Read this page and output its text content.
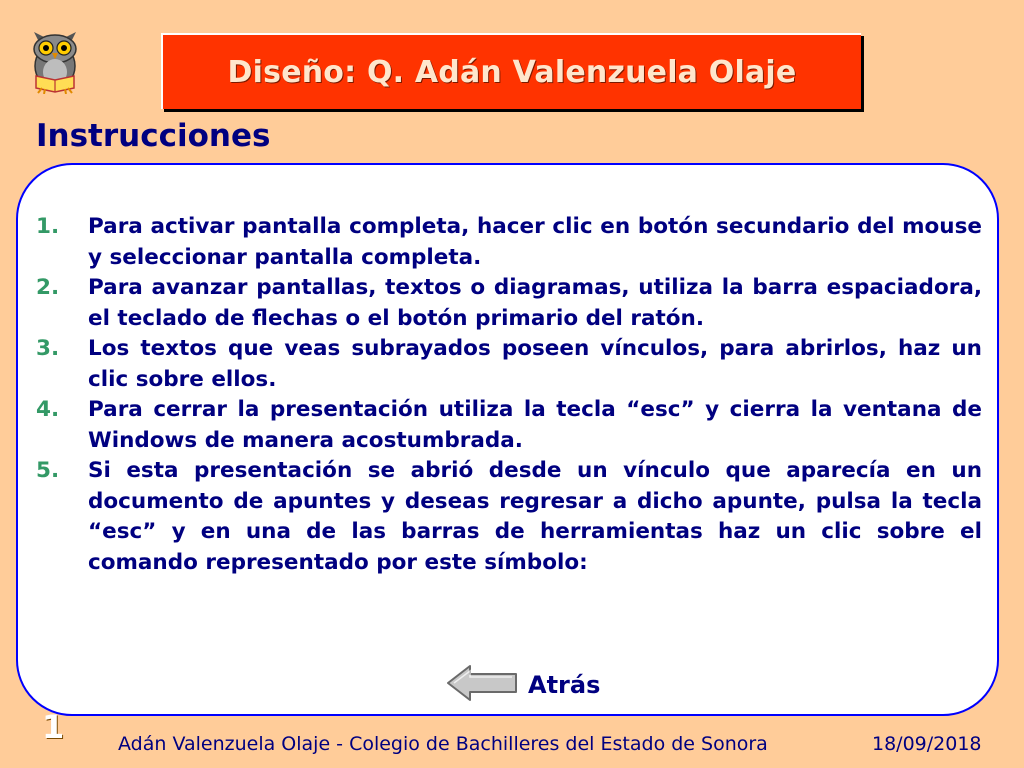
Diseño: Q. Adán Valenzuela Olaje
Instrucciones
1. Para activar pantalla completa, hacer clic en botón secundario del mouse y seleccionar pantalla completa.
2. Para avanzar pantallas, textos o diagramas, utiliza la barra espaciadora, el teclado de flechas o el botón primario del ratón.
3. Los textos que veas subrayados poseen vínculos, para abrirlos, haz un clic sobre ellos.
4. Para cerrar la presentación utiliza la tecla “esc” y cierra la ventana de Windows de manera acostumbrada.
5. Si esta presentación se abrió desde un vínculo que aparecía en un documento de apuntes y deseas regresar a dicho apunte, pulsa la tecla “esc” y en una de las barras de herramientas haz un clic sobre el comando representado por este símbolo:
Atrás
1	Adán Valenzuela Olaje - Colegio de Bachilleres del Estado de Sonora	18/09/2018
